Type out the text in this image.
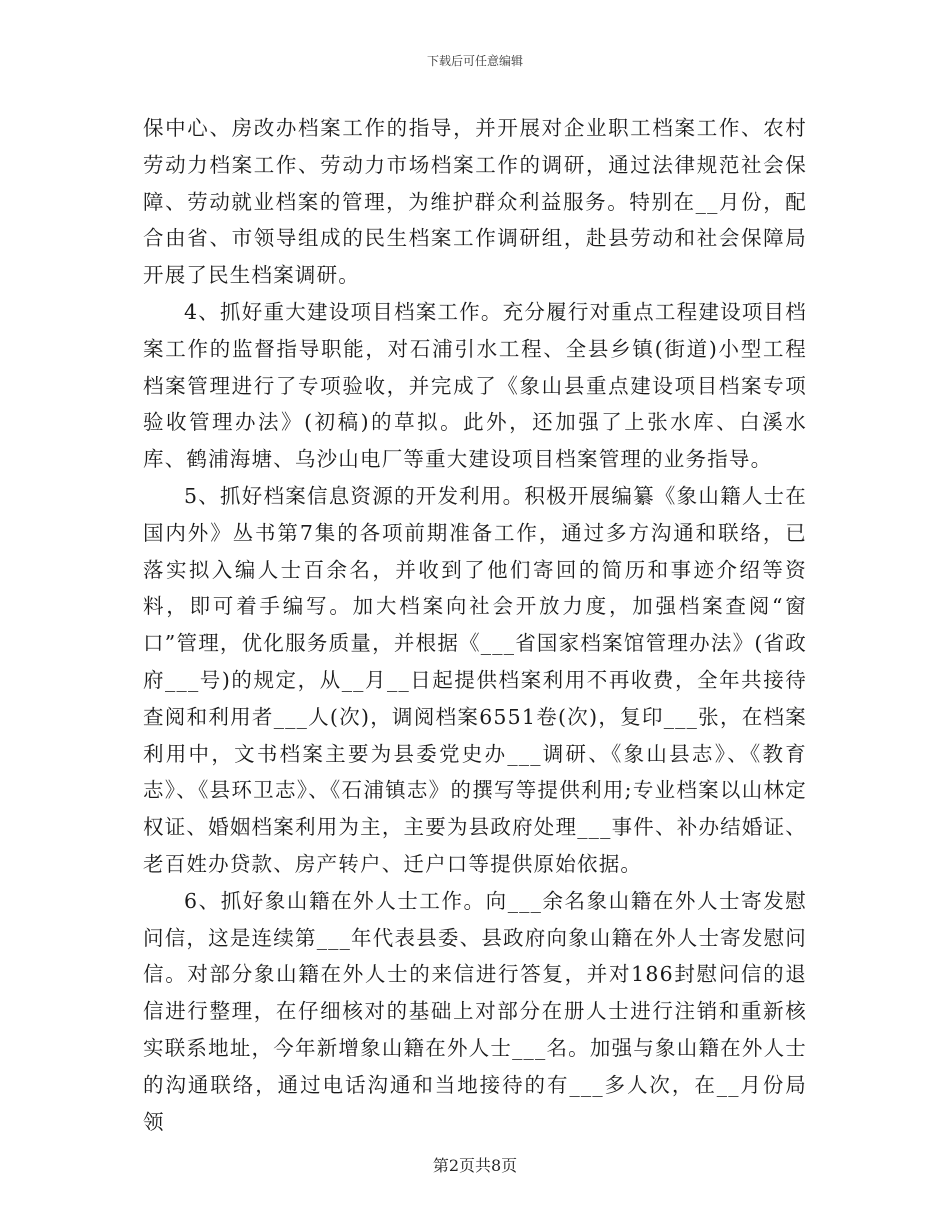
下载后可任意编辑

保中心、房改办档案工作的指导，并开展对企业职工档案工作、农村劳动力档案工作、劳动力市场档案工作的调研，通过法律规范社会保障、劳动就业档案的管理，为维护群众利益服务。特别在__月份，配合由省、市领导组成的民生档案工作调研组，赴县劳动和社会保障局开展了民生档案调研。

4、抓好重大建设项目档案工作。充分履行对重点工程建设项目档案工作的监督指导职能，对石浦引水工程、全县乡镇(街道)小型工程档案管理进行了专项验收，并完成了《象山县重点建设项目档案专项验收管理办法》(初稿)的草拟。此外，还加强了上张水库、白溪水库、鹤浦海塘、乌沙山电厂等重大建设项目档案管理的业务指导。

5、抓好档案信息资源的开发利用。积极开展编纂《象山籍人士在国内外》丛书第7集的各项前期准备工作，通过多方沟通和联络，已落实拟入编人士百余名，并收到了他们寄回的简历和事迹介绍等资料，即可着手编写。加大档案向社会开放力度，加强档案查阅“窗口”管理，优化服务质量，并根据《___省国家档案馆管理办法》(省政府___号)的规定，从__月__日起提供档案利用不再收费，全年共接待查阅和利用者___人(次)，调阅档案6551卷(次)，复印___张，在档案利用中，文书档案主要为县委党史办___调研、《象山县志》、《教育志》、《县环卫志》、《石浦镇志》的撰写等提供利用;专业档案以山林定权证、婚姻档案利用为主，主要为县政府处理___事件、补办结婚证、老百姓办贷款、房产转户、迁户口等提供原始依据。

6、抓好象山籍在外人士工作。向___余名象山籍在外人士寄发慰问信，这是连续第___年代表县委、县政府向象山籍在外人士寄发慰问信。对部分象山籍在外人士的来信进行答复，并对186封慰问信的退信进行整理，在仔细核对的基础上对部分在册人士进行注销和重新核实联系地址，今年新增象山籍在外人士___名。加强与象山籍在外人士的沟通联络，通过电话沟通和当地接待的有___多人次，在__月份局领

第2页共8页
